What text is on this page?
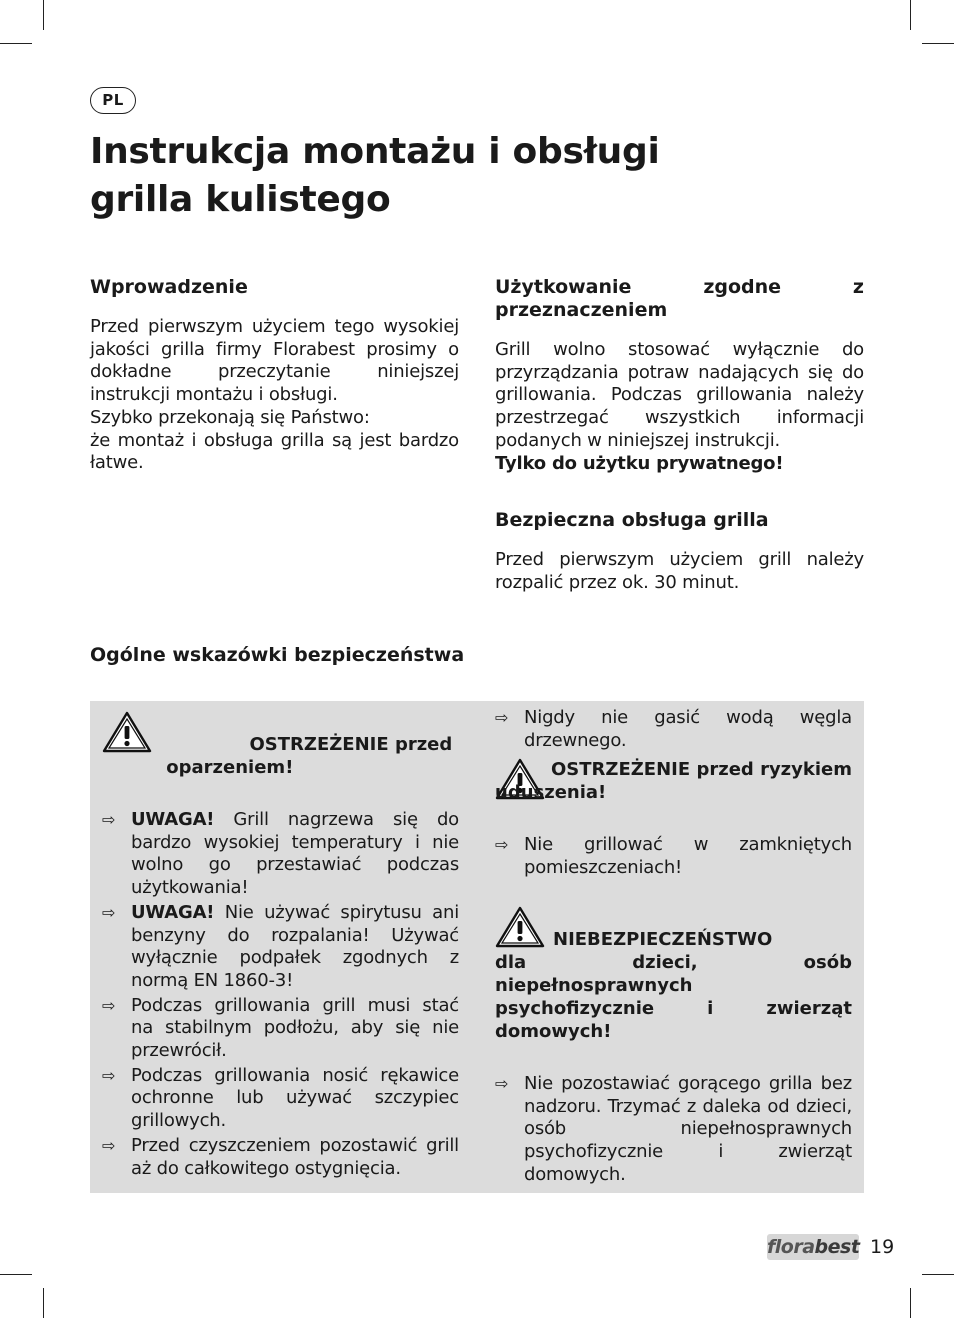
PL
Instrukcja montażu i obsługi
grilla kulistego
Wprowadzenie

Przed pierwszym użyciem tego wysokiej jakości grilla firmy Florabest prosimy o dokładne przeczytanie niniejszej instrukcji montażu i obsługi.

Szybko przekonają się Państwo:

że montaż i obsługa grilla są jest bardzo łatwe.

Użytkowanie zgodne z przeznaczeniem

Grill wolno stosować wyłącznie do przyrządzania potraw nadających się do grillowania. Podczas grillowania należy przestrzegać wszystkich informacji podanych w niniejszej instrukcji.

Tylko do użytku prywatnego!

Bezpieczna obsługa grilla

Przed pierwszym użyciem grill należy rozpalić przez ok. 30 minut.

Ogólne wskazówki bezpieczeństwa
OSTRZEŻENIE przed oparzeniem!
⇨ UWAGA! Grill nagrzewa się do bardzo wysokiej temperatury i nie wolno go przestawiać podczas użytkowania!
⇨ UWAGA! Nie używać spirytusu ani benzyny do rozpalania! Używać wyłącznie podpałek zgodnych z normą EN 1860-3!
⇨ Podczas grillowania grill musi stać na stabilnym podłożu, aby się nie przewrócił.
⇨ Podczas grillowania nosić rękawice ochronne lub używać szczypiec grillowych.
⇨ Przed czyszczeniem pozostawić grill aż do całkowitego ostygnięcia.
⇨ Nigdy nie gasić wodą węgla drzewnego.
OSTRZEŻENIE przed ryzykiem uduszenia!
⇨ Nie grillować w zamkniętych pomieszczeniach!
NIEBEZPIECZEŃSTWO dla dzieci, osób niepełnosprawnych psychofizycznie i zwierząt domowych!
⇨ Nie pozostawiać gorącego grilla bez nadzoru. Trzymać z daleka od dzieci, osób niepełnosprawnych psychofizycznie i zwierząt domowych.
florabest 19
